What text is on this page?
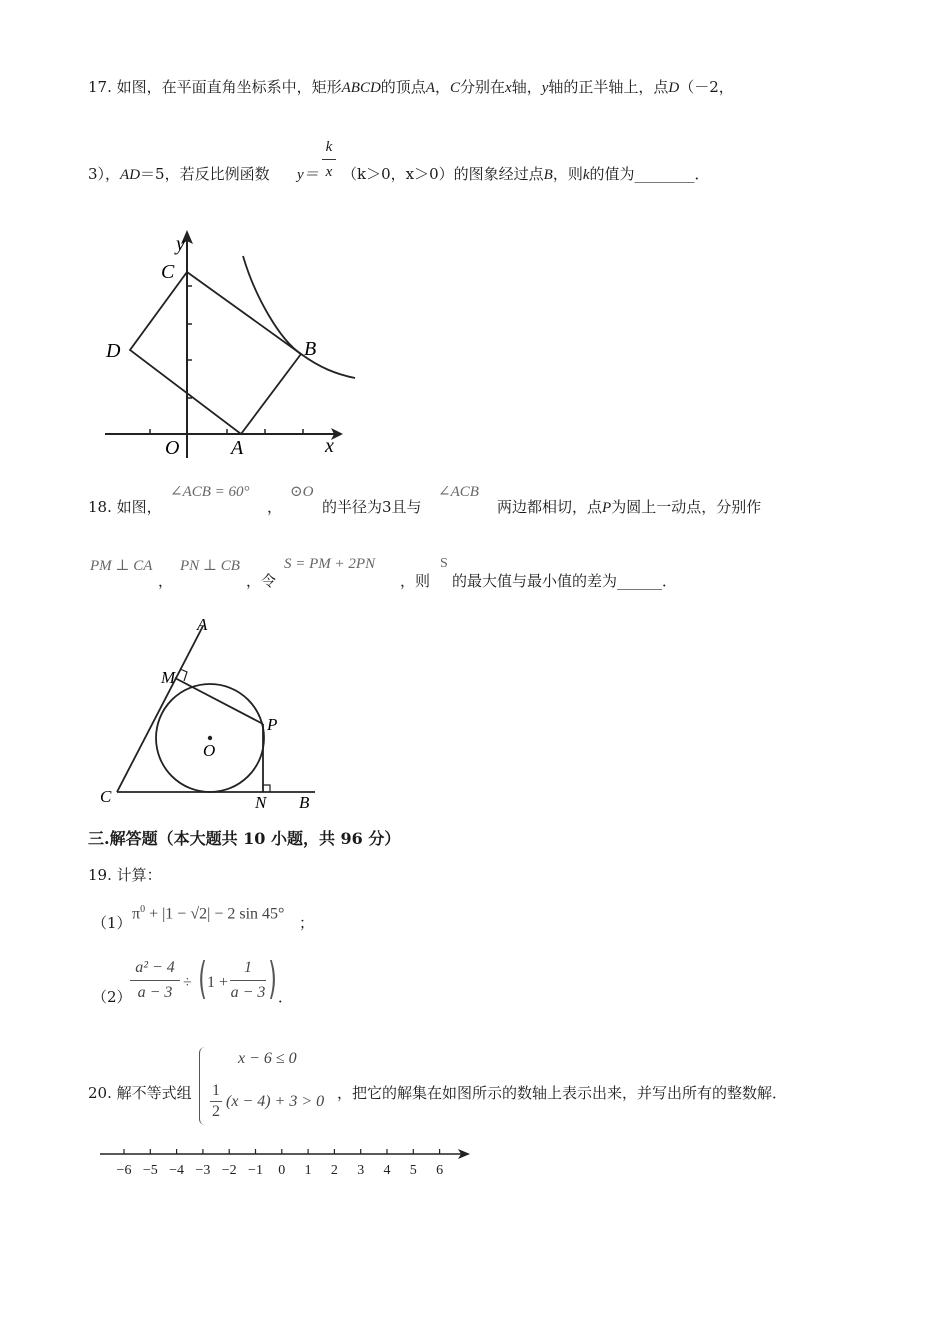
17. 如图，在平面直角坐标系中，矩形ABCD的顶点A，C分别在x轴，y轴的正半轴上，点D（－2，
3），AD＝5，若反比例函数 y＝
k
x （k＞0，x＞0）的图象经过点B，则k的值为________．
y
C
D	B
O	A	x
18. 如图，
∠ACB = 60°
，
⊙O
的半径为3且与
∠ACB
两边都相切，点P为圆上一动点，分别作
PM ⊥ CA
，
PN ⊥ CB
，令
S = PM + 2PN
，则
S
的最大值与最小值的差为______．
A
M
P
O
C	N B
三.解答题（本大题共 10 小题，共 96 分）
19. 计算：
（1）
$\pi^0 + |1 - √2| - 2$ sin 45°
；
（2）
a² − 4
a − 3
÷ ( 1 +
1
a − 3 ) ．
20. 解不等式组
x − 6 ≤ 0
1
2
(x − 4) + 3 > 0 ，把它的解集在如图所示的数轴上表示出来，并写出所有的整数解．
−6 −5 −4 −3 −2 −1 0 1 2 3 4 5 6
